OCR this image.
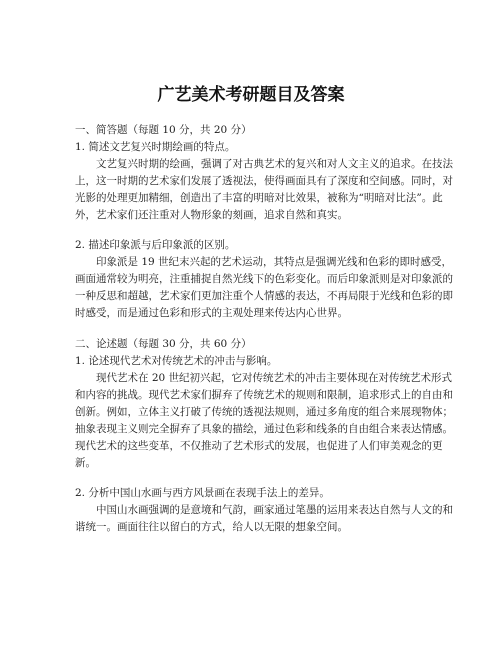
广艺美术考研题目及答案

一、简答题（每题 10 分，共 20 分）

1. 简述文艺复兴时期绘画的特点。

文艺复兴时期的绘画，强调了对古典艺术的复兴和对人文主义的追求。在技法上，这一时期的艺术家们发展了透视法，使得画面具有了深度和空间感。同时，对光影的处理更加精细，创造出了丰富的明暗对比效果，被称为“明暗对比法”。此外，艺术家们还注重对人物形象的刻画，追求自然和真实。

2. 描述印象派与后印象派的区别。

印象派是 19 世纪末兴起的艺术运动，其特点是强调光线和色彩的即时感受，画面通常较为明亮，注重捕捉自然光线下的色彩变化。而后印象派则是对印象派的一种反思和超越，艺术家们更加注重个人情感的表达，不再局限于光线和色彩的即时感受，而是通过色彩和形式的主观处理来传达内心世界。

二、论述题（每题 30 分，共 60 分）

1. 论述现代艺术对传统艺术的冲击与影响。

现代艺术在 20 世纪初兴起，它对传统艺术的冲击主要体现在对传统艺术形式和内容的挑战。现代艺术家们摒弃了传统艺术的规则和限制，追求形式上的自由和创新。例如，立体主义打破了传统的透视法规则，通过多角度的组合来展现物体；抽象表现主义则完全摒弃了具象的描绘，通过色彩和线条的自由组合来表达情感。现代艺术的这些变革，不仅推动了艺术形式的发展，也促进了人们审美观念的更新。

2. 分析中国山水画与西方风景画在表现手法上的差异。

中国山水画强调的是意境和气韵，画家通过笔墨的运用来表达自然与人文的和谐统一。画面往往以留白的方式，给人以无限的想象空间。
